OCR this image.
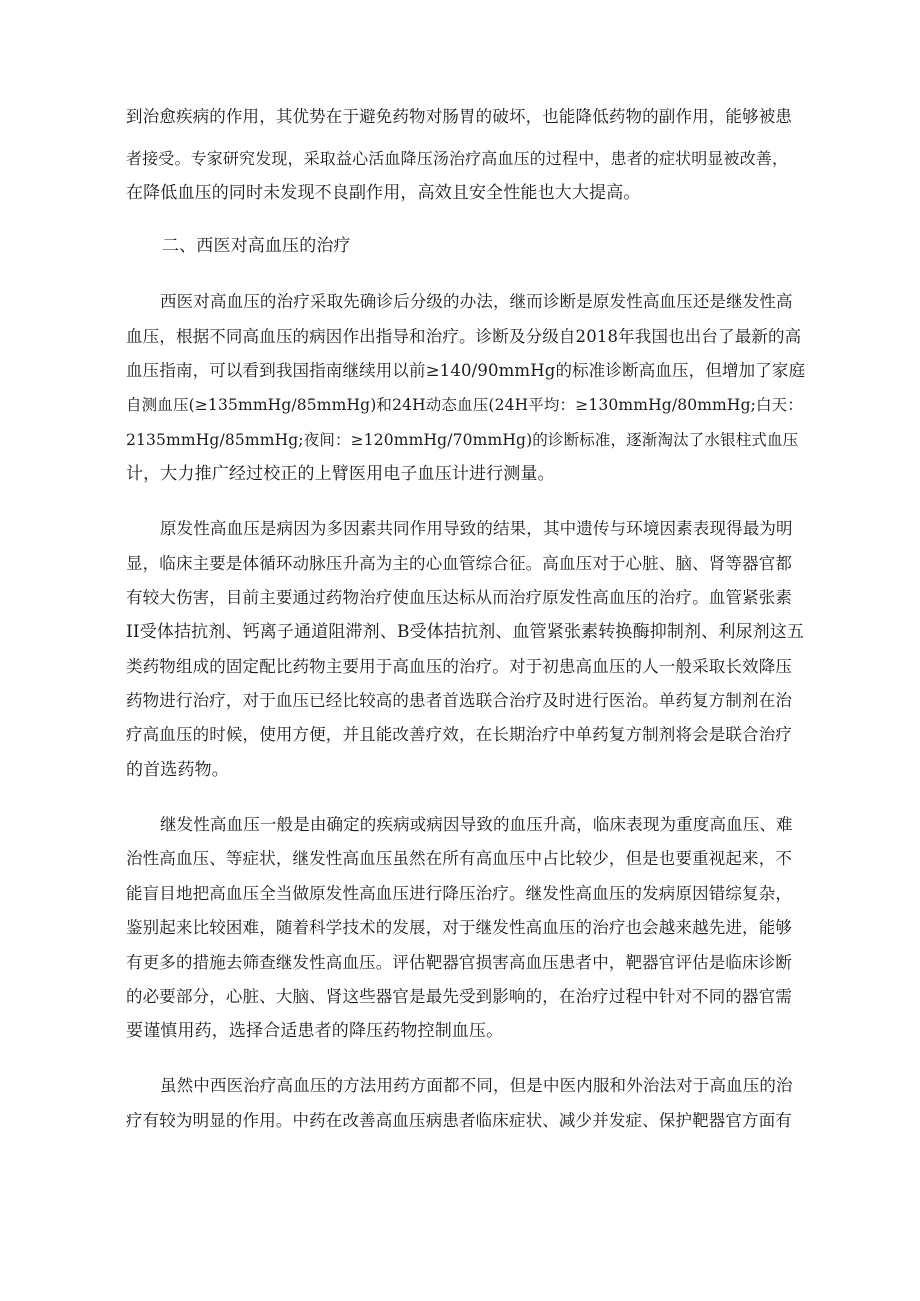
到治愈疾病的作用，其优势在于避免药物对肠胃的破坏，也能降低药物的副作用，能够被患
者接受。专家研究发现，采取益心活血降压汤治疗高血压的过程中，患者的症状明显被改善，
在降低血压的同时未发现不良副作用，高效且安全性能也大大提高。
二、西医对高血压的治疗
西医对高血压的治疗采取先确诊后分级的办法，继而诊断是原发性高血压还是继发性高
血压，根据不同高血压的病因作出指导和治疗。诊断及分级自2018年我国也出台了最新的高
血压指南，可以看到我国指南继续用以前≥140/90mmHg的标准诊断高血压，但增加了家庭
自测血压(≥135mmHg/85mmHg)和24H动态血压(24H平均：≥130mmHg/80mmHg;白天：
2135mmHg/85mmHg;夜间：≥120mmHg/70mmHg)的诊断标准，逐渐淘汰了水银柱式血压
计，大力推广经过校正的上臂医用电子血压计进行测量。
原发性高血压是病因为多因素共同作用导致的结果，其中遗传与环境因素表现得最为明
显，临床主要是体循环动脉压升高为主的心血管综合征。高血压对于心脏、脑、肾等器官都
有较大伤害，目前主要通过药物治疗使血压达标从而治疗原发性高血压的治疗。血管紧张素
II受体拮抗剂、钙离子通道阻滞剂、B受体拮抗剂、血管紧张素转换酶抑制剂、利尿剂这五
类药物组成的固定配比药物主要用于高血压的治疗。对于初患高血压的人一般采取长效降压
药物进行治疗，对于血压已经比较高的患者首选联合治疗及时进行医治。单药复方制剂在治
疗高血压的时候，使用方便，并且能改善疗效，在长期治疗中单药复方制剂将会是联合治疗
的首选药物。
继发性高血压一般是由确定的疾病或病因导致的血压升高，临床表现为重度高血压、难
治性高血压、等症状，继发性高血压虽然在所有高血压中占比较少，但是也要重视起来，不
能盲目地把高血压全当做原发性高血压进行降压治疗。继发性高血压的发病原因错综复杂，
鉴别起来比较困难，随着科学技术的发展，对于继发性高血压的治疗也会越来越先进，能够
有更多的措施去筛查继发性高血压。评估靶器官损害高血压患者中，靶器官评估是临床诊断
的必要部分，心脏、大脑、肾这些器官是最先受到影响的，在治疗过程中针对不同的器官需
要谨慎用药，选择合适患者的降压药物控制血压。
虽然中西医治疗高血压的方法用药方面都不同，但是中医内服和外治法对于高血压的治
疗有较为明显的作用。中药在改善高血压病患者临床症状、减少并发症、保护靶器官方面有
